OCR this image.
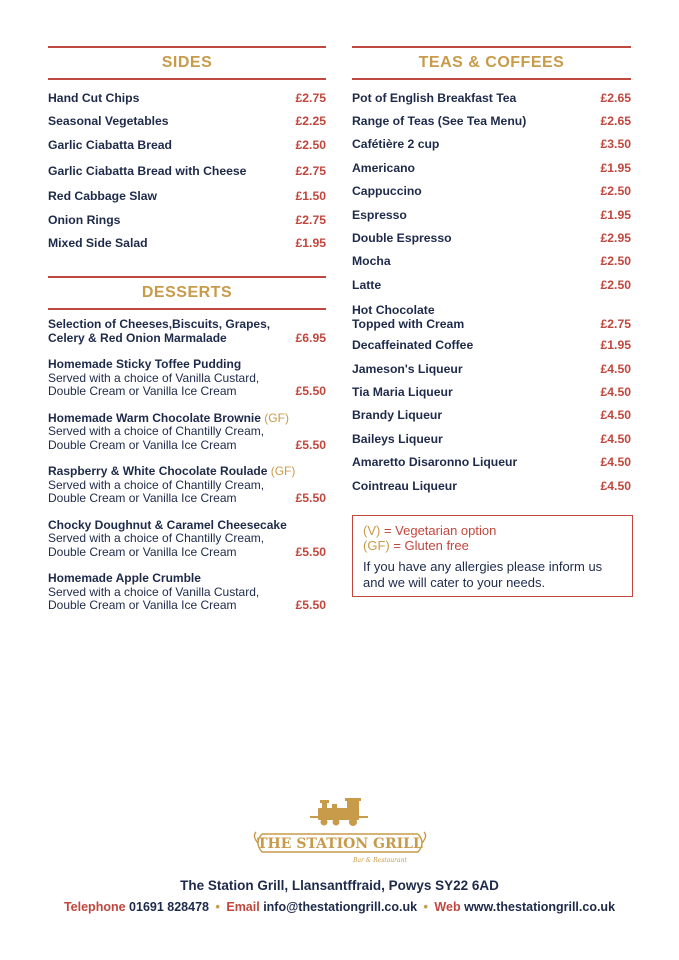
SIDES
Hand Cut Chips	£2.75
Seasonal Vegetables	£2.25
Garlic Ciabatta Bread	£2.50
Garlic Ciabatta Bread with Cheese	£2.75
Red Cabbage Slaw	£1.50
Onion Rings	£2.75
Mixed Side Salad	£1.95
DESSERTS
Selection of Cheeses,Biscuits, Grapes,
Celery & Red Onion Marmalade	£6.95
Homemade Sticky Toffee Pudding
Served with a choice of Vanilla Custard, Double Cream or Vanilla Ice Cream	£5.50
Homemade Warm Chocolate Brownie (GF)
Served with a choice of Chantilly Cream, Double Cream or Vanilla Ice Cream	£5.50
Raspberry & White Chocolate Roulade (GF)
Served with a choice of Chantilly Cream, Double Cream or Vanilla Ice Cream	£5.50
Chocky Doughnut & Caramel Cheesecake
Served with a choice of Chantilly Cream, Double Cream or Vanilla Ice Cream	£5.50
Homemade Apple Crumble
Served with a choice of Vanilla Custard, Double Cream or Vanilla Ice Cream	£5.50
TEAS & COFFEES
Pot of English Breakfast Tea	£2.65
Range of Teas (See Tea Menu)	£2.65
Cafétière 2 cup	£3.50
Americano	£1.95
Cappuccino	£2.50
Espresso	£1.95
Double Espresso	£2.95
Mocha	£2.50
Latte	£2.50
Hot Chocolate
Topped with Cream	£2.75
Decaffeinated Coffee	£1.95
Jameson's Liqueur	£4.50
Tia Maria Liqueur	£4.50
Brandy Liqueur	£4.50
Baileys Liqueur	£4.50
Amaretto Disaronno Liqueur	£4.50
Cointreau Liqueur	£4.50
(V) = Vegetarian option
(GF) = Gluten free
If you have any allergies please inform us and we will cater to your needs.
THE STATION GRILL
Bar & Restaurant
The Station Grill, Llansantffraid, Powys SY22 6AD
Telephone 01691 828478 • Email info@thestationgrill.co.uk • Web www.thestationgrill.co.uk
